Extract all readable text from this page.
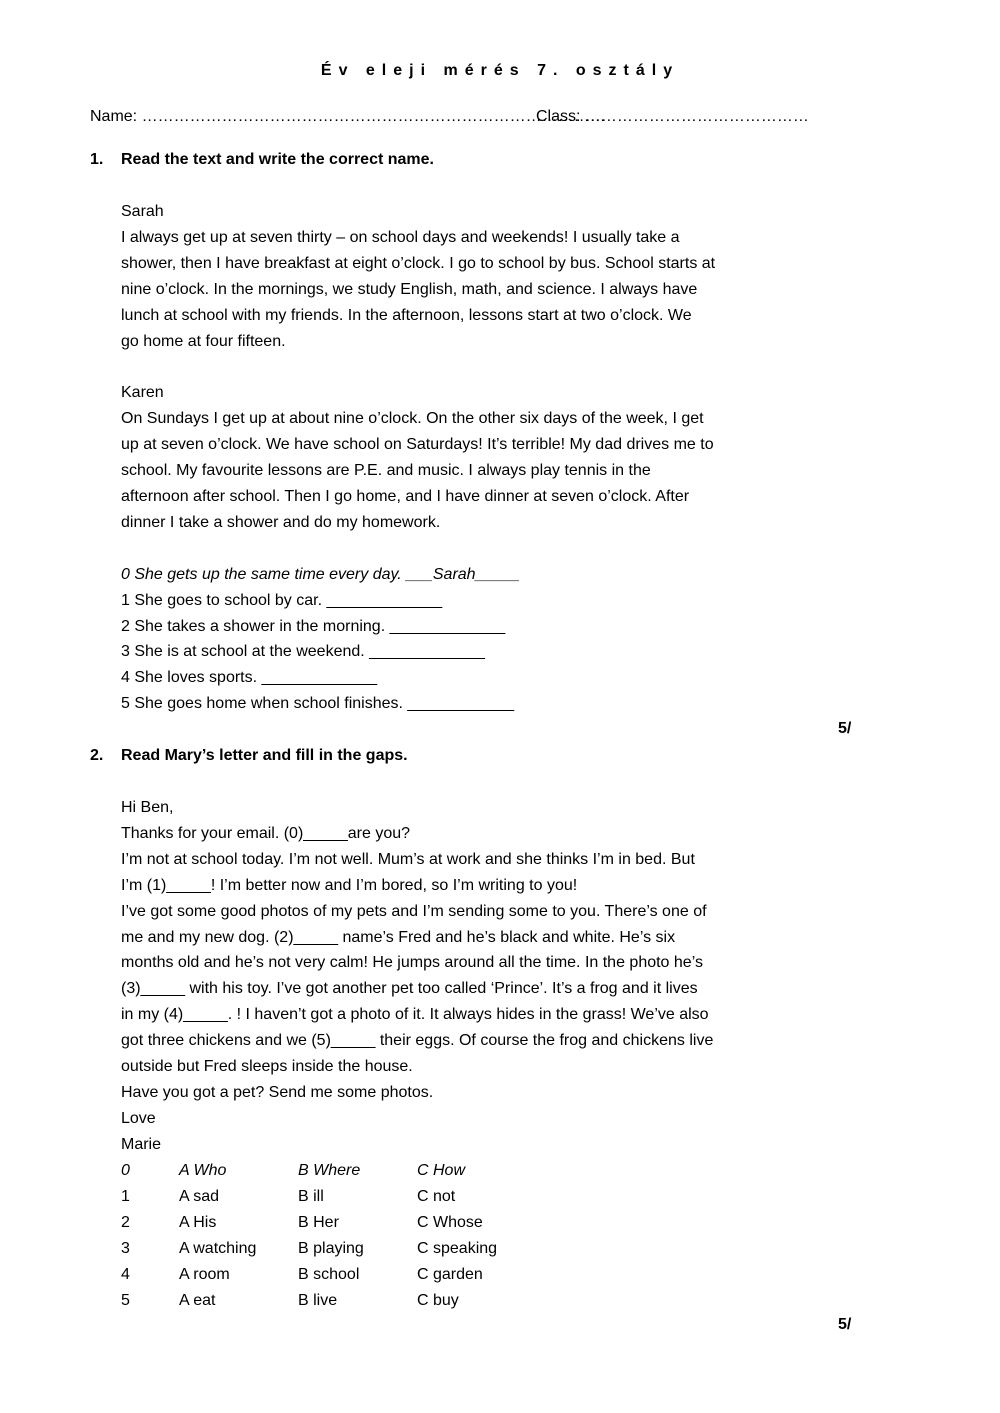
Év eleji mérés 7. osztály
Name: ……………………………………………………………………………
Class: ……………………………………
1. Read the text and write the correct name.

Sarah

I always get up at seven thirty – on school days and weekends! I usually take a

shower, then I have breakfast at eight o’clock. I go to school by bus. School starts at

nine o’clock. In the mornings, we study English, math, and science. I always have

lunch at school with my friends. In the afternoon, lessons start at two o’clock. We

go home at four fifteen.

Karen

On Sundays I get up at about nine o’clock. On the other six days of the week, I get

up at seven o’clock. We have school on Saturdays! It’s terrible! My dad drives me to

school. My favourite lessons are P.E. and music. I always play tennis in the

afternoon after school. Then I go home, and I have dinner at seven o’clock. After

dinner I take a shower and do my homework.

0 She gets up the same time every day. ___Sarah_____

1 She goes to school by car. _____________

2 She takes a shower in the morning. _____________

3 She is at school at the weekend. _____________

4 She loves sports. _____________

5 She goes home when school finishes. ____________

5/
2. Read Mary’s letter and fill in the gaps.

Hi Ben,

Thanks for your email. (0)_____are you?

I’m not at school today. I’m not well. Mum’s at work and she thinks I’m in bed. But

I’m (1)_____! I’m better now and I’m bored, so I’m writing to you!

I’ve got some good photos of my pets and I’m sending some to you. There’s one of

me and my new dog. (2)_____ name’s Fred and he’s black and white. He’s six

months old and he’s not very calm! He jumps around all the time. In the photo he’s

(3)_____ with his toy. I’ve got another pet too called ‘Prince’. It’s a frog and it lives

in my (4)_____. ! I haven’t got a photo of it. It always hides in the grass! We’ve also

got three chickens and we (5)_____ their eggs. Of course the frog and chickens live

outside but Fred sleeps inside the house.

Have you got a pet? Send me some photos.

Love

Marie

0	A Who	B Where	C How
1	A sad	B ill	C not
2	A His	B Her	C Whose
3	A watching	B playing	C speaking
4	A room	B school	C garden
5	A eat	B live	C buy
5/
